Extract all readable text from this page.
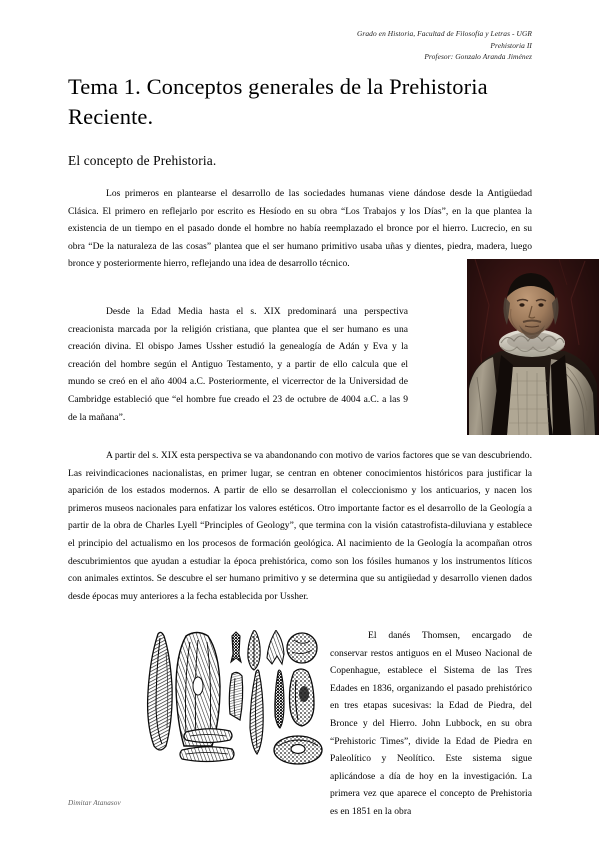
Grado en Historia, Facultad de Filosofía y Letras - UGR
Prehistoria II
Profesor: Gonzalo Aranda Jiménez
Tema 1. Conceptos generales de la Prehistoria Reciente.
El concepto de Prehistoria.

Los primeros en plantearse el desarrollo de las sociedades humanas viene dándose desde la Antigüedad Clásica. El primero en reflejarlo por escrito es Hesíodo en su obra “Los Trabajos y los Días”, en la que plantea la existencia de un tiempo en el pasado donde el hombre no había reemplazado el bronce por el hierro. Lucrecio, en su obra “De la naturaleza de las cosas” plantea que el ser humano primitivo usaba uñas y dientes, piedra, madera, luego bronce y posteriormente hierro, reflejando una idea de desarrollo técnico.

Desde la Edad Media hasta el s. XIX predominará una perspectiva creacionista marcada por la religión cristiana, que plantea que el ser humano es una creación divina. El obispo James Ussher estudió la genealogía de Adán y Eva y la creación del hombre según el Antiguo Testamento, y a partir de ello calcula que el mundo se creó en el año 4004 a.C. Posteriormente, el vicerrector de la Universidad de Cambridge estableció que “el hombre fue creado el 23 de octubre de 4004 a.C. a las 9 de la mañana”.

A partir del s. XIX esta perspectiva se va abandonando con motivo de varios factores que se van descubriendo. Las reivindicaciones nacionalistas, en primer lugar, se centran en obtener conocimientos históricos para justificar la aparición de los estados modernos. A partir de ello se desarrollan el coleccionismo y los anticuarios, y nacen los primeros museos nacionales para enfatizar los valores estéticos. Otro importante factor es el desarrollo de la Geología a partir de la obra de Charles Lyell “Principles of Geology”, que termina con la visión catastrofista-diluviana y establece el principio del actualismo en los procesos de formación geológica. Al nacimiento de la Geología la acompañan otros descubrimientos que ayudan a estudiar la época prehistórica, como son los fósiles humanos y los instrumentos líticos con animales extintos. Se descubre el ser humano primitivo y se determina que su antigüedad y desarrollo vienen dados desde épocas muy anteriores a la fecha establecida por Ussher.

El danés Thomsen, encargado de conservar restos antiguos en el Museo Nacional de Copenhague, establece el Sistema de las Tres Edades en 1836, organizando el pasado prehistórico en tres etapas sucesivas: la Edad de Piedra, del Bronce y del Hierro. John Lubbock, en su obra “Prehistoric Times”, divide la Edad de Piedra en Paleolítico y Neolítico. Este sistema sigue aplicándose a día de hoy en la investigación. La primera vez que aparece el concepto de Prehistoria es en 1851 en la obra

Dimitar Atanasov
